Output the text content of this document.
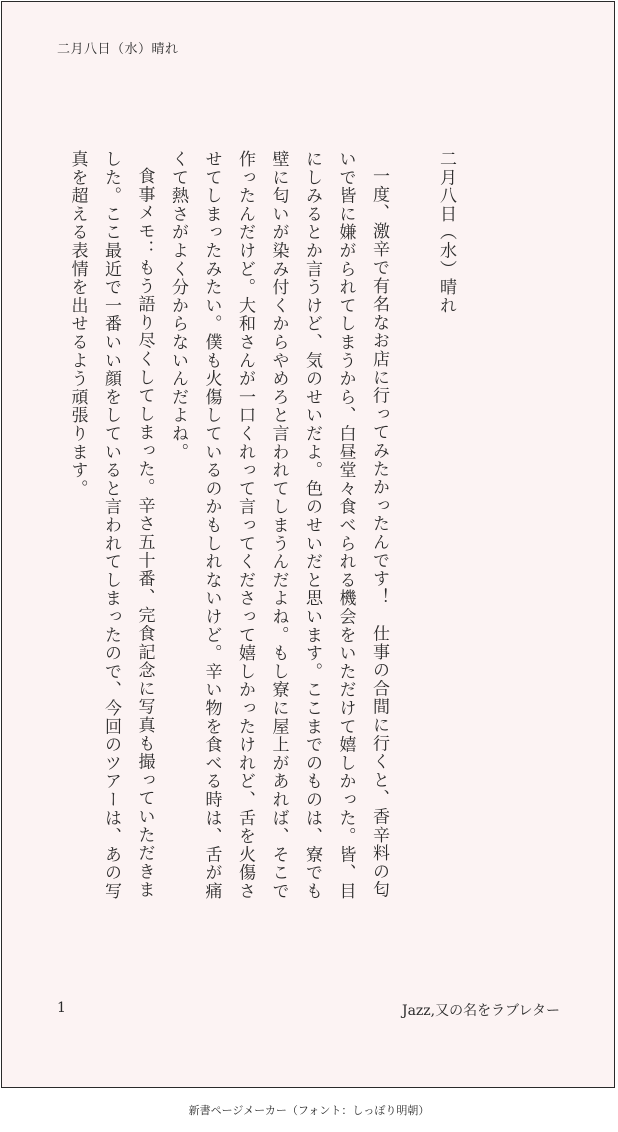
二月八日（水）晴れ

二月八日（水）晴れ

一度、激辛で有名なお店に行ってみたかったんです！　仕事の合間に行くと、香辛料の匂いで皆に嫌がられてしまうから、白昼堂々食べられる機会をいただけて嬉しかった。皆、目にしみるとか言うけど、気のせいだよ。色のせいだと思います。ここまでのものは、寮でも壁に匂いが染み付くからやめろと言われてしまうんだよね。もし寮に屋上があれば、そこで作ったんだけど。大和さんが一口くれって言ってくださって嬉しかったけれど、舌を火傷させてしまったみたい。僕も火傷しているのかもしれないけど。辛い物を食べる時は、舌が痛くて熱さがよく分からないんだよね。

食事メモ：もう語り尽くしてしまった。辛さ五十番、完食記念に写真も撮っていただきました。ここ最近で一番いい顔をしていると言われてしまったので、今回のツアーは、あの写真を超える表情を出せるよう頑張ります。

1	Jazz,又の名をラブレター
新書ページメーカー（フォント：しっぽり明朝）
